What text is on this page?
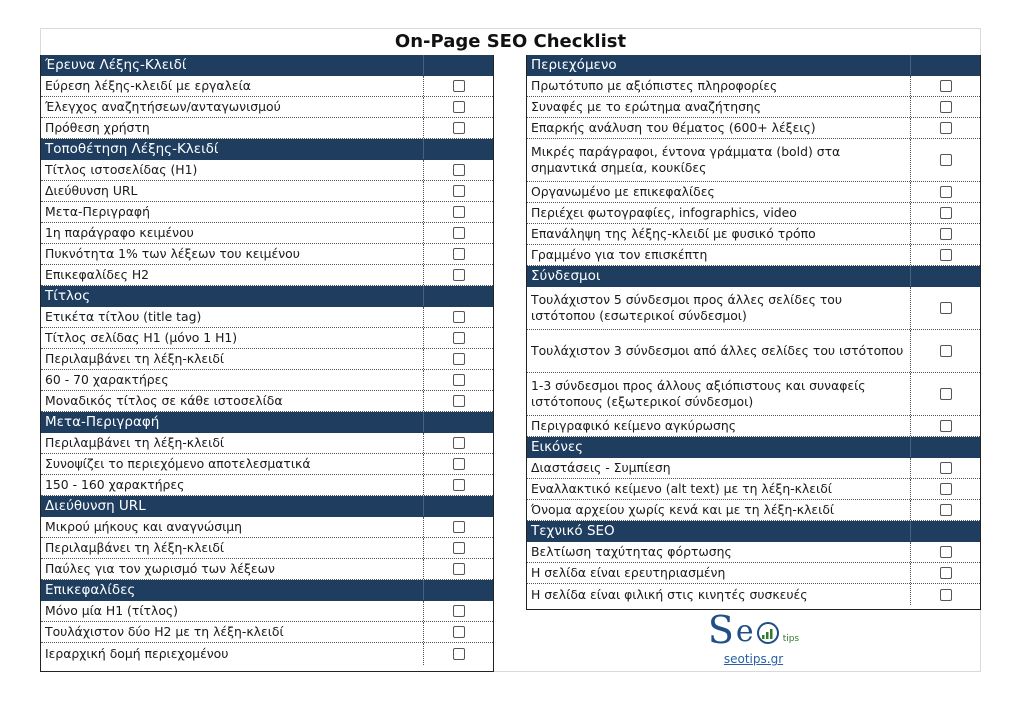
On-Page SEO Checklist
Έρευνα Λέξης-Κλειδί
Εύρεση λέξης-κλειδί με εργαλεία
Έλεγχος αναζητήσεων/ανταγωνισμού
Πρόθεση χρήστη
Τοποθέτηση Λέξης-Κλειδί
Τίτλος ιστοσελίδας (Η1)
Διεύθυνση URL
Μετα-Περιγραφή
1η παράγραφο κειμένου
Πυκνότητα 1% των λέξεων του κειμένου
Επικεφαλίδες Η2
Τίτλος
Ετικέτα τίτλου (title tag)
Τίτλος σελίδας Η1 (μόνο 1 Η1)
Περιλαμβάνει τη λέξη-κλειδί
60 - 70 χαρακτήρες
Μοναδικός τίτλος σε κάθε ιστοσελίδα
Μετα-Περιγραφή
Περιλαμβάνει τη λέξη-κλειδί
Συνοψίζει το περιεχόμενο αποτελεσματικά
150 - 160 χαρακτήρες
Διεύθυνση URL
Μικρού μήκους και αναγνώσιμη
Περιλαμβάνει τη λέξη-κλειδί
Παύλες για τον χωρισμό των λέξεων
Επικεφαλίδες
Μόνο μία Η1 (τίτλος)
Τουλάχιστον δύο Η2 με τη λέξη-κλειδί
Ιεραρχική δομή περιεχομένου
Περιεχόμενο
Πρωτότυπο με αξιόπιστες πληροφορίες
Συναφές με το ερώτημα αναζήτησης
Επαρκής ανάλυση του θέματος (600+ λέξεις)
Μικρές παράγραφοι, έντονα γράμματα (bold) στα σημαντικά σημεία, κουκίδες
Οργανωμένο με επικεφαλίδες
Περιέχει φωτογραφίες, infographics, video
Επανάληψη της λέξης-κλειδί με φυσικό τρόπο
Γραμμένο για τον επισκέπτη
Σύνδεσμοι
Τουλάχιστον 5 σύνδεσμοι προς άλλες σελίδες του ιστότοπου (εσωτερικοί σύνδεσμοι)
Τουλάχιστον 3 σύνδεσμοι από άλλες σελίδες του ιστότοπου
1-3 σύνδεσμοι προς άλλους αξιόπιστους και συναφείς ιστότοπους (εξωτερικοί σύνδεσμοι)
Περιγραφικό κείμενο αγκύρωσης
Εικόνες
Διαστάσεις - Συμπίεση
Εναλλακτικό κείμενο (alt text) με τη λέξη-κλειδί
Όνομα αρχείου χωρίς κενά και με τη λέξη-κλειδί
Τεχνικό SEO
Βελτίωση ταχύτητας φόρτωσης
Η σελίδα είναι ερευτηριασμένη
Η σελίδα είναι φιλική στις κινητές συσκευές
S e	tips
seotips.gr
